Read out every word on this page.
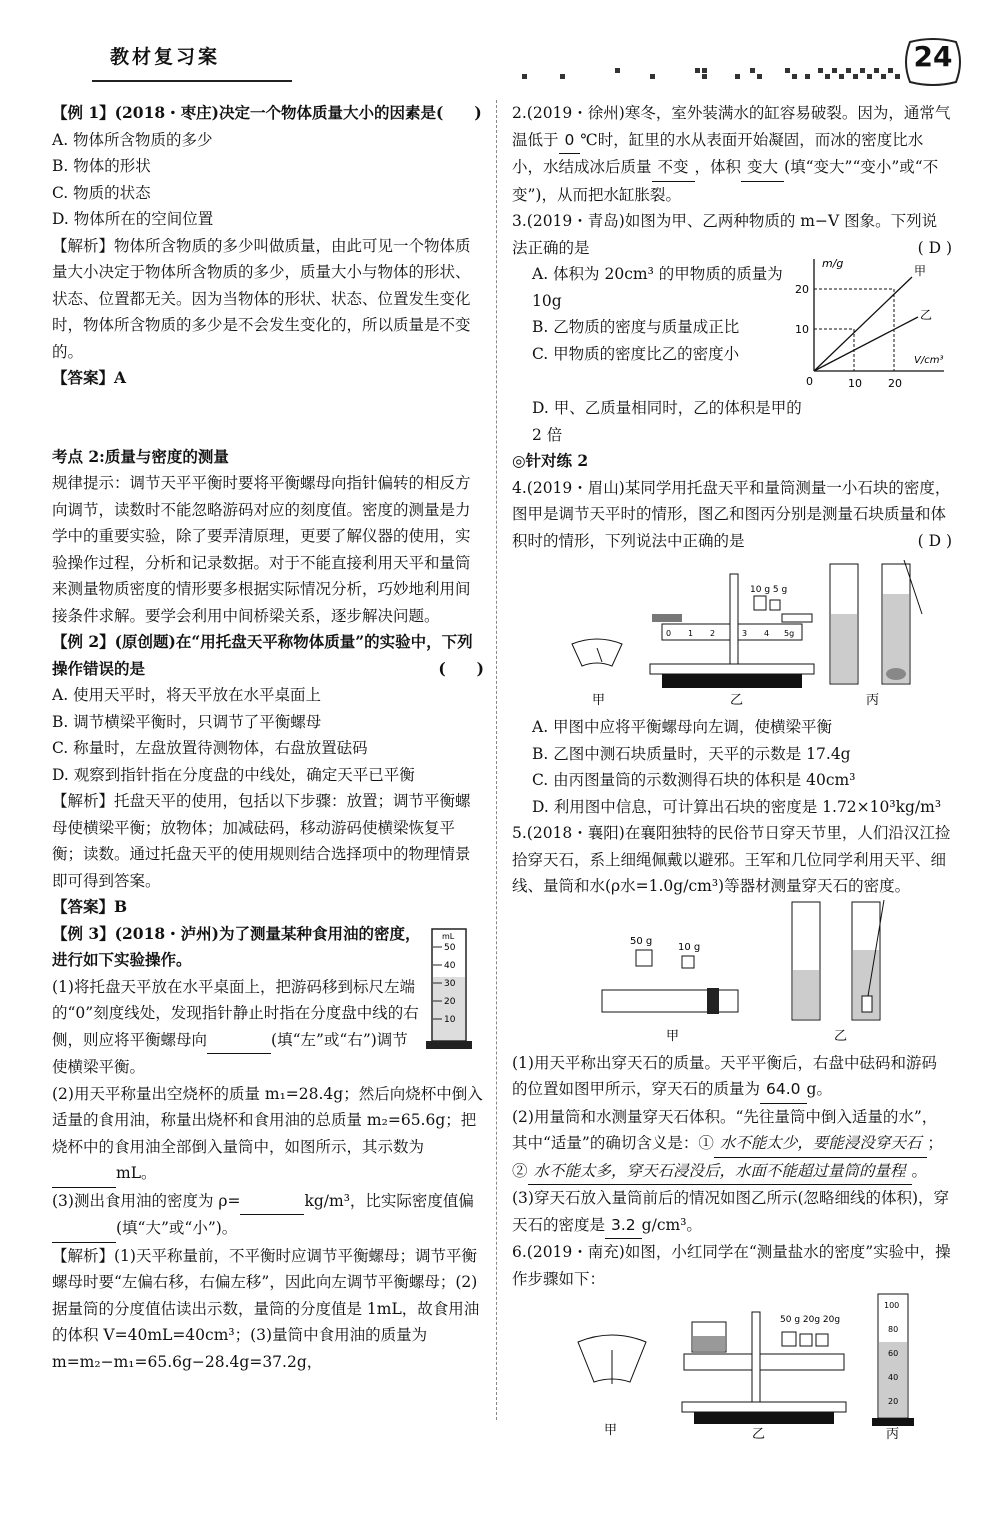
教材复习案	24

【例 1】(2018・枣庄)决定一个物体质量大小的因素是(　　)

A. 物体所含物质的多少

B. 物体的形状

C. 物质的状态

D. 物体所在的空间位置

【解析】物体所含物质的多少叫做质量，由此可见一个物体质量大小决定于物体所含物质的多少，质量大小与物体的形状、状态、位置都无关。因为当物体的形状、状态、位置发生变化时，物体所含物质的多少是不会发生变化的，所以质量是不变的。

【答案】A

考点 2:质量与密度的测量

规律提示：调节天平平衡时要将平衡螺母向指针偏转的相反方向调节，读数时不能忽略游码对应的刻度值。密度的测量是力学中的重要实验，除了要弄清原理，更要了解仪器的使用，实验操作过程，分析和记录数据。对于不能直接利用天平和量筒来测量物质密度的情形要多根据实际情况分析，巧妙地利用间接条件求解。要学会利用中间桥梁关系，逐步解决问题。

【例 2】(原创题)在“用托盘天平称物体质量”的实验中，下列操作错误的是	(　　)

A. 使用天平时，将天平放在水平桌面上

B. 调节横梁平衡时，只调节了平衡螺母

C. 称量时，左盘放置待测物体，右盘放置砝码

D. 观察到指针指在分度盘的中线处，确定天平已平衡

【解析】托盘天平的使用，包括以下步骤：放置；调节平衡螺母使横梁平衡；放物体；加减砝码，移动游码使横梁恢复平衡；读数。通过托盘天平的使用规则结合选择项中的物理情景即可得到答案。

【答案】B

mL
50
40
30
20
10

【例 3】(2018・泸州)为了测量某种食用油的密度，进行如下实验操作。

(1)将托盘天平放在水平桌面上，把游码移到标尺左端的“0”刻度线处，发现指针静止时指在分度盘中线的右侧，则应将平衡螺母向	(填“左”或“右”)调节使横梁平衡。

(2)用天平称量出空烧杯的质量 m₁=28.4g；然后向烧杯中倒入适量的食用油，称量出烧杯和食用油的总质量 m₂=65.6g；把烧杯中的食用油全部倒入量筒中，如图所示，其示数为 mL。

(3)测出食用油的密度为 ρ=	kg/m³，比实际密度值偏 (填“大”或“小”)。

【解析】(1)天平称量前，不平衡时应调节平衡螺母；调节平衡螺母时要“左偏右移，右偏左移”，因此向左调节平衡螺母；(2)据量筒的分度值估读出示数，量筒的分度值是 1mL，故食用油的体积 V=40mL=40cm³；(3)量筒中食用油的质量为 m=m₂−m₁=65.6g−28.4g=37.2g，

2.(2019・徐州)寒冬，室外装满水的缸容易破裂。因为，通常气温低于 0 ℃时，缸里的水从表面开始凝固，而冰的密度比水小，水结成冰后质量 不变 ，体积 变大 (填“变大”“变小”或“不变”)，从而把水缸胀裂。

3.(2019・青岛)如图为甲、乙两种物质的 m−V 图象。下列说法正确的是	( D )

A. 体积为 20cm³ 的甲物质的质量为 10g

B. 乙物质的密度与质量成正比

C. 甲物质的密度比乙的密度小

m/g
V/cm³
0	10 20
20
10
甲
乙

D. 甲、乙质量相同时，乙的体积是甲的 2 倍

◎针对练 2

4.(2019・眉山)某同学用托盘天平和量筒测量一小石块的密度，图甲是调节天平时的情形，图乙和图丙分别是测量石块质量和体积时的情形，下列说法中正确的是	( D )

甲
10 g 5 g
0 1 2	3 4 5g
乙	丙

A. 甲图中应将平衡螺母向左调，使横梁平衡

B. 乙图中测石块质量时，天平的示数是 17.4g

C. 由丙图量筒的示数测得石块的体积是 40cm³

D. 利用图中信息，可计算出石块的密度是 1.72×10³kg/m³

5.(2018・襄阳)在襄阳独特的民俗节日穿天节里，人们沿汉江捡拾穿天石，系上细绳佩戴以避邪。王军和几位同学利用天平、细线、量筒和水(ρ水=1.0g/cm³)等器材测量穿天石的密度。

50 g
10 g
甲	乙

(1)用天平称出穿天石的质量。天平平衡后，右盘中砝码和游码的位置如图甲所示，穿天石的质量为 64.0 g。

(2)用量筒和水测量穿天石体积。“先往量筒中倒入适量的水”，其中“适量”的确切含义是：① 水不能太少，要能浸没穿天石 ；② 水不能太多，穿天石浸没后，水面不能超过量筒的量程 。

(3)穿天石放入量筒前后的情况如图乙所示(忽略细线的体积)，穿天石的密度是 3.2 g/cm³。

6.(2019・南充)如图，小红同学在“测量盐水的密度”实验中，操作步骤如下：

甲
50 g 20g 20g
乙
100
80
60
40
20
丙
